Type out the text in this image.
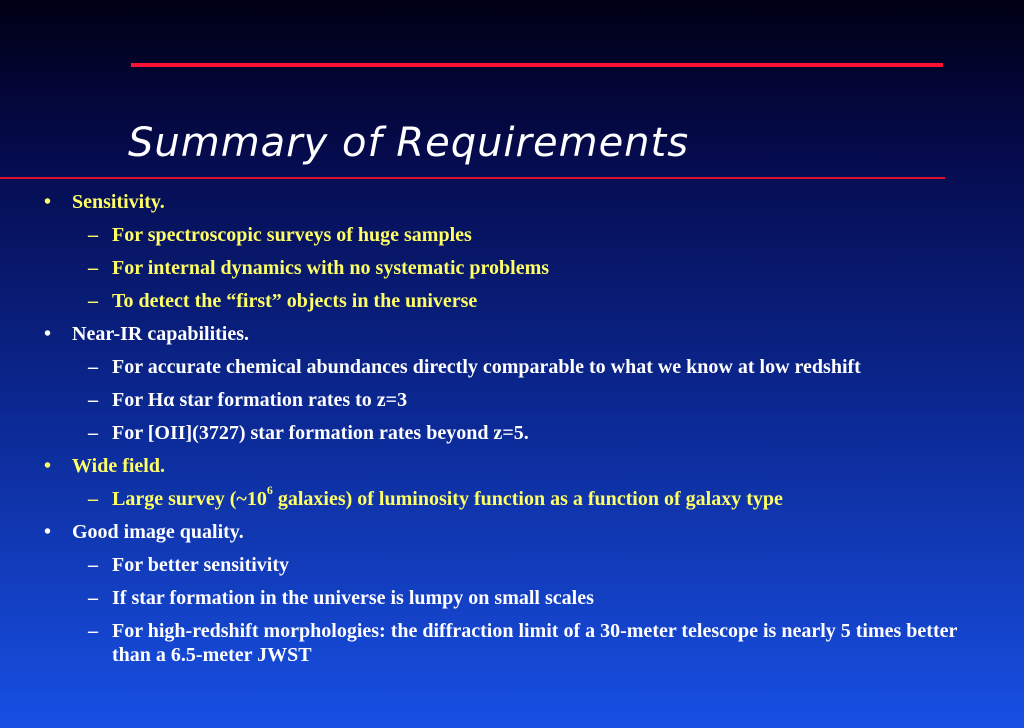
Summary of Requirements
• Sensitivity.
– For spectroscopic surveys of huge samples
– For internal dynamics with no systematic problems
– To detect the “first” objects in the universe
• Near-IR capabilities.
– For accurate chemical abundances directly comparable to what we know at low redshift
– For Hα star formation rates to z=3
– For [OII](3727) star formation rates beyond z=5.
• Wide field.
– Large survey ($\sim 10^6$ galaxies) of luminosity function as a function of galaxy type
• Good image quality.
– For better sensitivity
– If star formation in the universe is lumpy on small scales
– For high-redshift morphologies: the diffraction limit of a 30-meter telescope is nearly 5 times better than a 6.5-meter JWST
